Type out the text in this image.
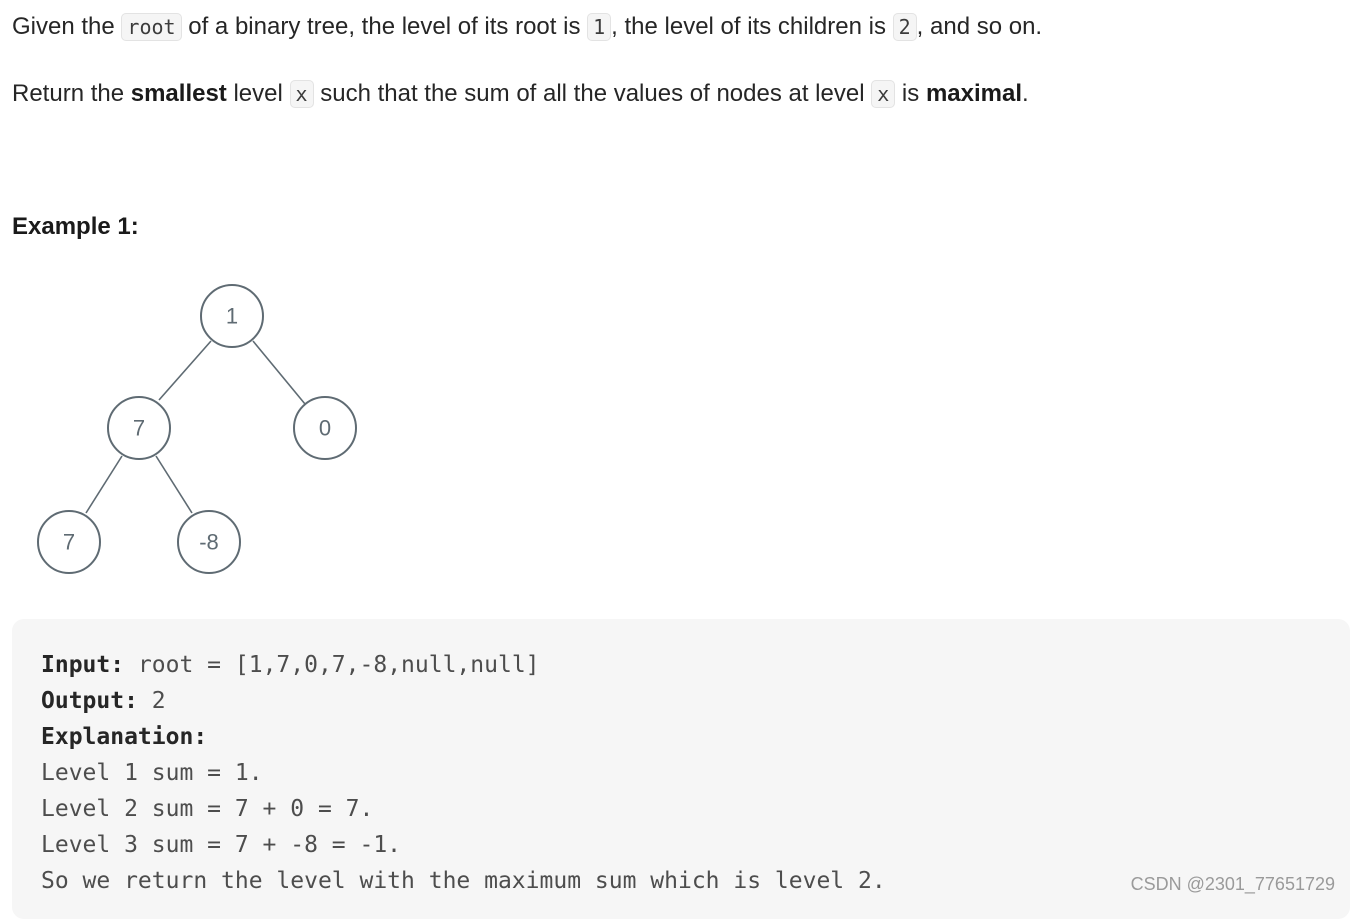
Given the root of a binary tree, the level of its root is 1 , the level of its children is 2 , and so on.

Return the smallest level x such that the sum of all the values of nodes at level x is maximal.

Example 1:
1
7	0
7	-8
Input: root = [1,7,0,7,-8,null,null]
Output: 2
Explanation:
Level 1 sum = 1.
Level 2 sum = 7 + 0 = 7.
Level 3 sum = 7 + -8 = -1.
So we return the level with the maximum sum which is level 2.	CSDN @2301_77651729
